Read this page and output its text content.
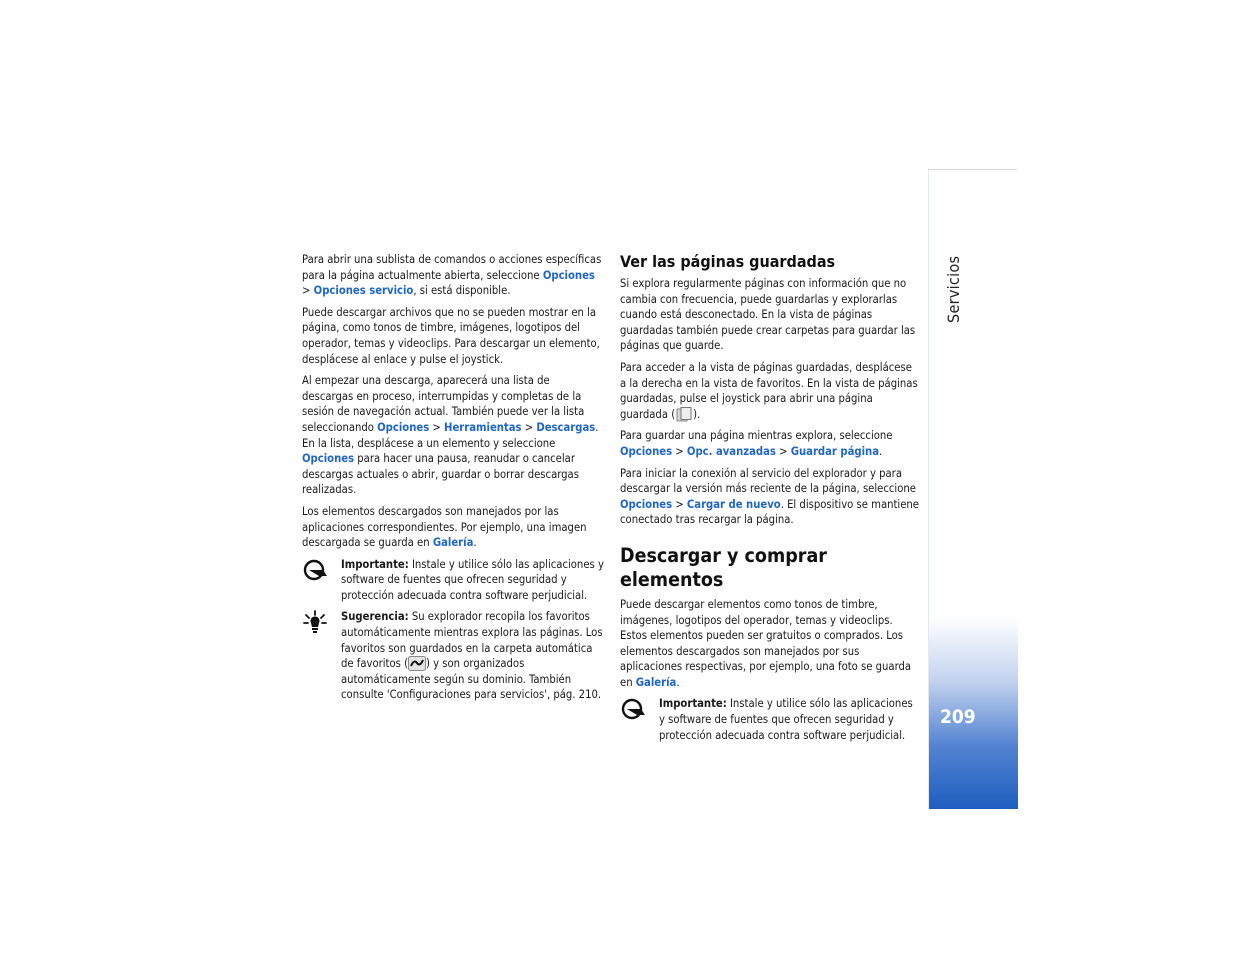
Servicios
209

Para abrir una sublista de comandos o acciones específicas para la página actualmente abierta, seleccione Opciones > Opciones servicio, si está disponible.

Puede descargar archivos que no se pueden mostrar en la página, como tonos de timbre, imágenes, logotipos del operador, temas y videoclips. Para descargar un elemento, desplácese al enlace y pulse el joystick.

Al empezar una descarga, aparecerá una lista de descargas en proceso, interrumpidas y completas de la sesión de navegación actual. También puede ver la lista seleccionando Opciones > Herramientas > Descargas. En la lista, desplácese a un elemento y seleccione Opciones para hacer una pausa, reanudar o cancelar descargas actuales o abrir, guardar o borrar descargas realizadas.

Los elementos descargados son manejados por las aplicaciones correspondientes. Por ejemplo, una imagen descargada se guarda en Galería.

Importante: Instale y utilice sólo las aplicaciones y software de fuentes que ofrecen seguridad y protección adecuada contra software perjudicial.
Sugerencia: Su explorador recopila los favoritos automáticamente mientras explora las páginas. Los favoritos son guardados en la carpeta automática de favoritos ( ) y son organizados automáticamente según su dominio. También consulte 'Configuraciones para servicios', pág. 210.
Ver las páginas guardadas

Si explora regularmente páginas con información que no cambia con frecuencia, puede guardarlas y explorarlas cuando está desconectado. En la vista de páginas guardadas también puede crear carpetas para guardar las páginas que guarde.

Para acceder a la vista de páginas guardadas, desplácese a la derecha en la vista de favoritos. En la vista de páginas guardadas, pulse el joystick para abrir una página guardada ( ).

Para guardar una página mientras explora, seleccione Opciones > Opc. avanzadas > Guardar página.

Para iniciar la conexión al servicio del explorador y para descargar la versión más reciente de la página, seleccione Opciones > Cargar de nuevo. El dispositivo se mantiene conectado tras recargar la página.

Descargar y comprar elementos

Puede descargar elementos como tonos de timbre, imágenes, logotipos del operador, temas y videoclips. Estos elementos pueden ser gratuitos o comprados. Los elementos descargados son manejados por sus aplicaciones respectivas, por ejemplo, una foto se guarda en Galería.

Importante: Instale y utilice sólo las aplicaciones y software de fuentes que ofrecen seguridad y protección adecuada contra software perjudicial.
